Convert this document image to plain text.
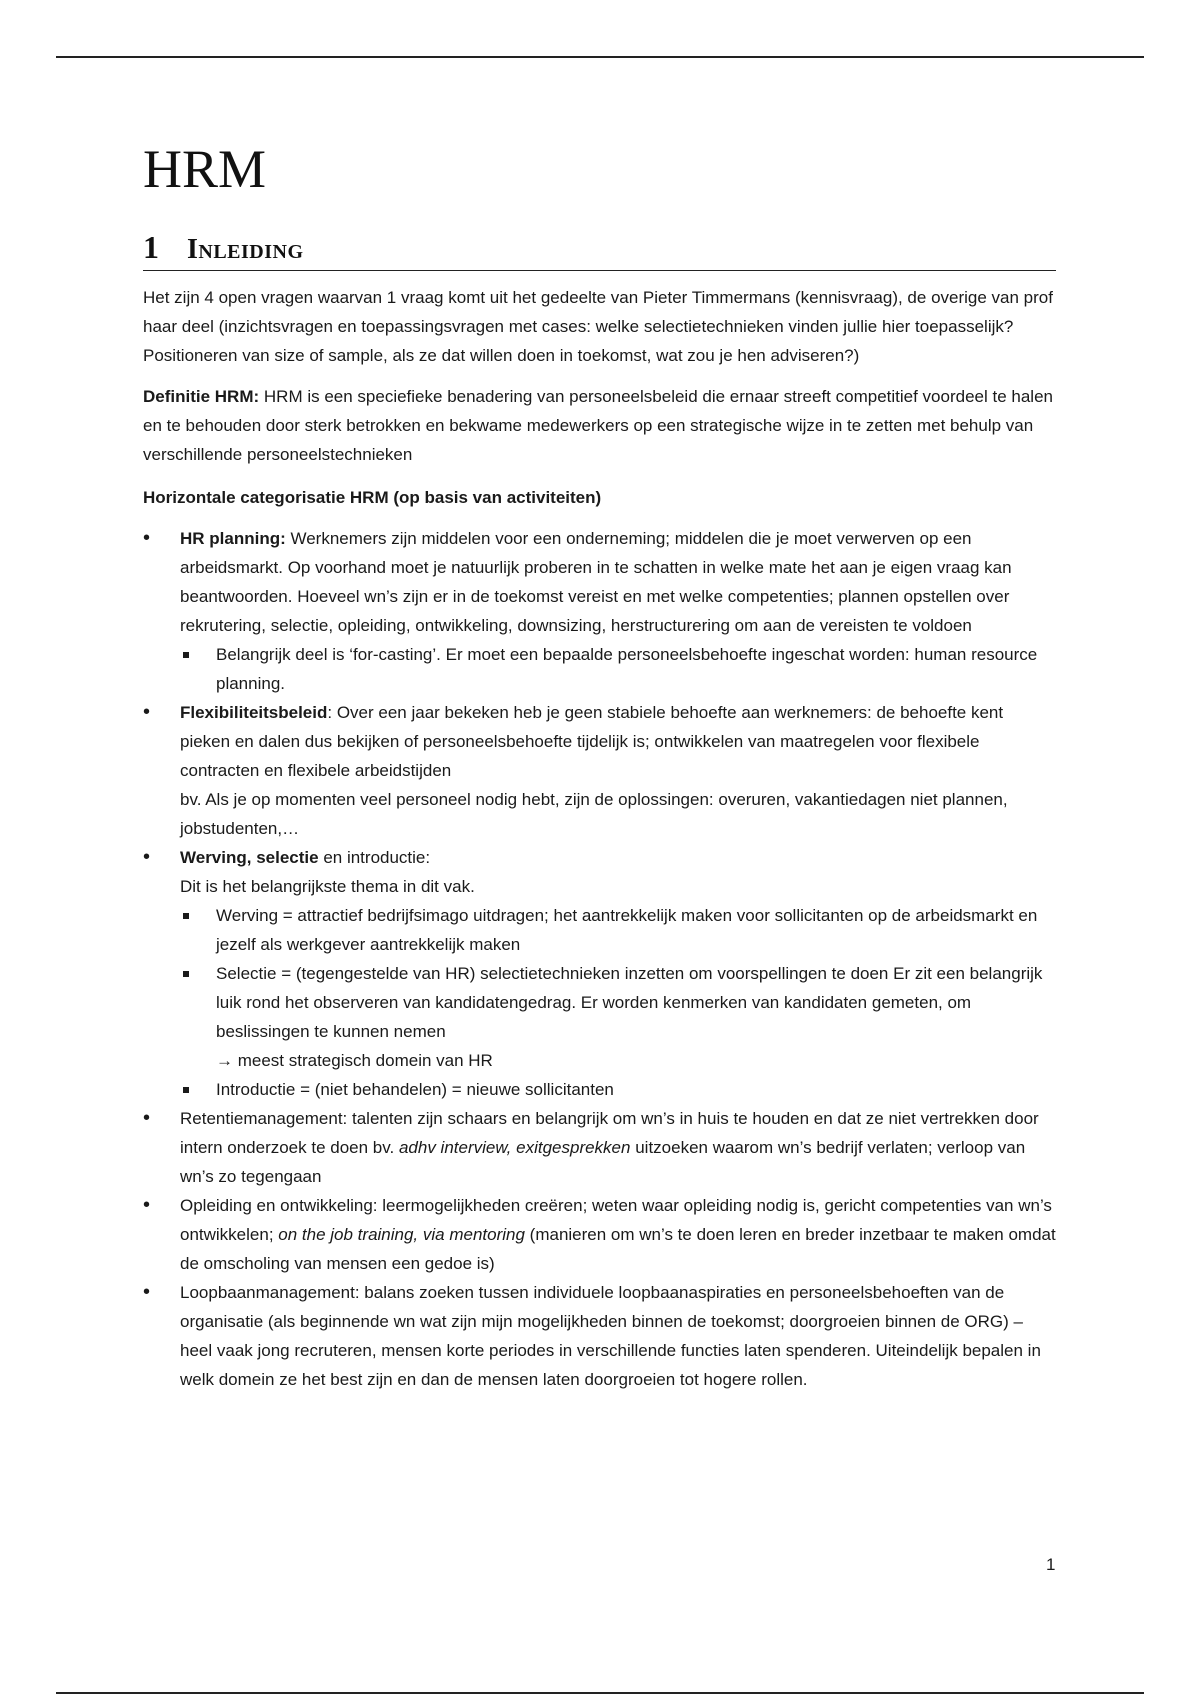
HRM
1	Inleiding

Het zijn 4 open vragen waarvan 1 vraag komt uit het gedeelte van Pieter Timmermans (kennisvraag), de overige van prof haar deel (inzichtsvragen en toepassingsvragen met cases: welke selectietechnieken vinden jullie hier toepasselijk? Positioneren van size of sample, als ze dat willen doen in toekomst, wat zou je hen adviseren?)

Definitie HRM: HRM is een speciefieke benadering van personeelsbeleid die ernaar streeft competitief voordeel te halen en te behouden door sterk betrokken en bekwame medewerkers op een strategische wijze in te zetten met behulp van verschillende personeelstechnieken

Horizontale categorisatie HRM (op basis van activiteiten)
•	HR planning: Werknemers zijn middelen voor een onderneming; middelen die je moet verwerven op een arbeidsmarkt. Op voorhand moet je natuurlijk proberen in te schatten in welke mate het aan je eigen vraag kan beantwoorden. Hoeveel wn’s zijn er in de toekomst vereist en met welke competenties; plannen opstellen over rekrutering, selectie, opleiding, ontwikkeling, downsizing, herstructurering om aan de vereisten te voldoen
Belangrijk deel is ‘for-casting’. Er moet een bepaalde personeelsbehoefte ingeschat worden: human resource planning.
•	Flexibiliteitsbeleid: Over een jaar bekeken heb je geen stabiele behoefte aan werknemers: de behoefte kent pieken en dalen dus bekijken of personeelsbehoefte tijdelijk is; ontwikkelen van maatregelen voor flexibele contracten en flexibele arbeidstijden
bv. Als je op momenten veel personeel nodig hebt, zijn de oplossingen: overuren, vakantiedagen niet plannen, jobstudenten,…
•	Werving, selectie en introductie:
Dit is het belangrijkste thema in dit vak.
Werving = attractief bedrijfsimago uitdragen; het aantrekkelijk maken voor sollicitanten op de arbeidsmarkt en jezelf als werkgever aantrekkelijk maken
Selectie = (tegengestelde van HR) selectietechnieken inzetten om voorspellingen te doen Er zit een belangrijk luik rond het observeren van kandidatengedrag. Er worden kenmerken van kandidaten gemeten, om beslissingen te kunnen nemen
→ meest strategisch domein van HR
Introductie = (niet behandelen) = nieuwe sollicitanten
•	Retentiemanagement: talenten zijn schaars en belangrijk om wn’s in huis te houden en dat ze niet vertrekken door intern onderzoek te doen bv. adhv interview, exitgesprekken uitzoeken waarom wn’s bedrijf verlaten; verloop van wn’s zo tegengaan
•	Opleiding en ontwikkeling: leermogelijkheden creëren; weten waar opleiding nodig is, gericht competenties van wn’s ontwikkelen; on the job training, via mentoring (manieren om wn’s te doen leren en breder inzetbaar te maken omdat de omscholing van mensen een gedoe is)
•	Loopbaanmanagement: balans zoeken tussen individuele loopbaanaspiraties en personeelsbehoeften van de organisatie (als beginnende wn wat zijn mijn mogelijkheden binnen de toekomst; doorgroeien binnen de ORG) – heel vaak jong recruteren, mensen korte periodes in verschillende functies laten spenderen. Uiteindelijk bepalen in welk domein ze het best zijn en dan de mensen laten doorgroeien tot hogere rollen.
1
